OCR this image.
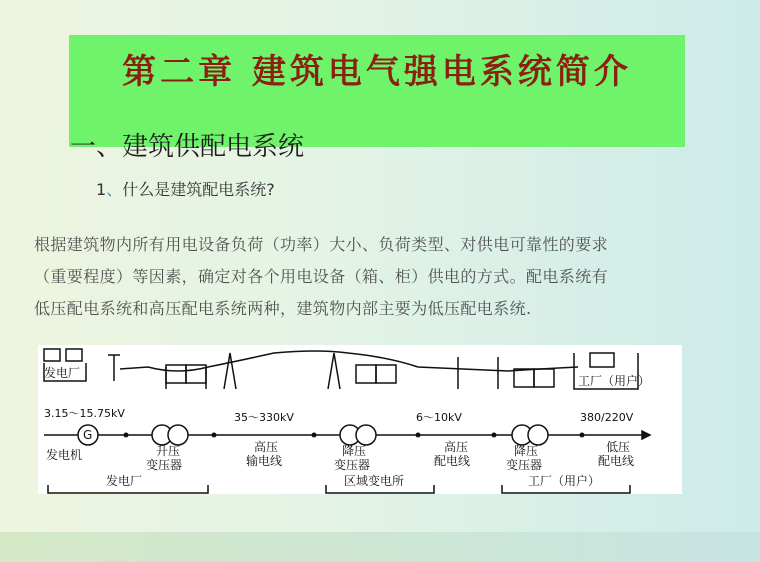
第二章 建筑电气强电系统简介
一、建筑供配电系统
1、什么是建筑配电系统?

根据建筑物内所有用电设备负荷（功率）大小、负荷类型、对供电可靠性的要求

（重要程度）等因素，确定对各个用电设备（箱、柜）供电的方式。配电系统有

低压配电系统和高压配电系统两种，建筑物内部主要为低压配电系统.

发电厂
工厂（用户）
3.15～15.75kV	35～330kV	6～10kV	380/220V
G
发电机	升压
变压器
高压
输电线
降压
变压器
高压
配电线
降压
变压器
低压
配电线
发电厂	区域变电所	工厂（用户）
